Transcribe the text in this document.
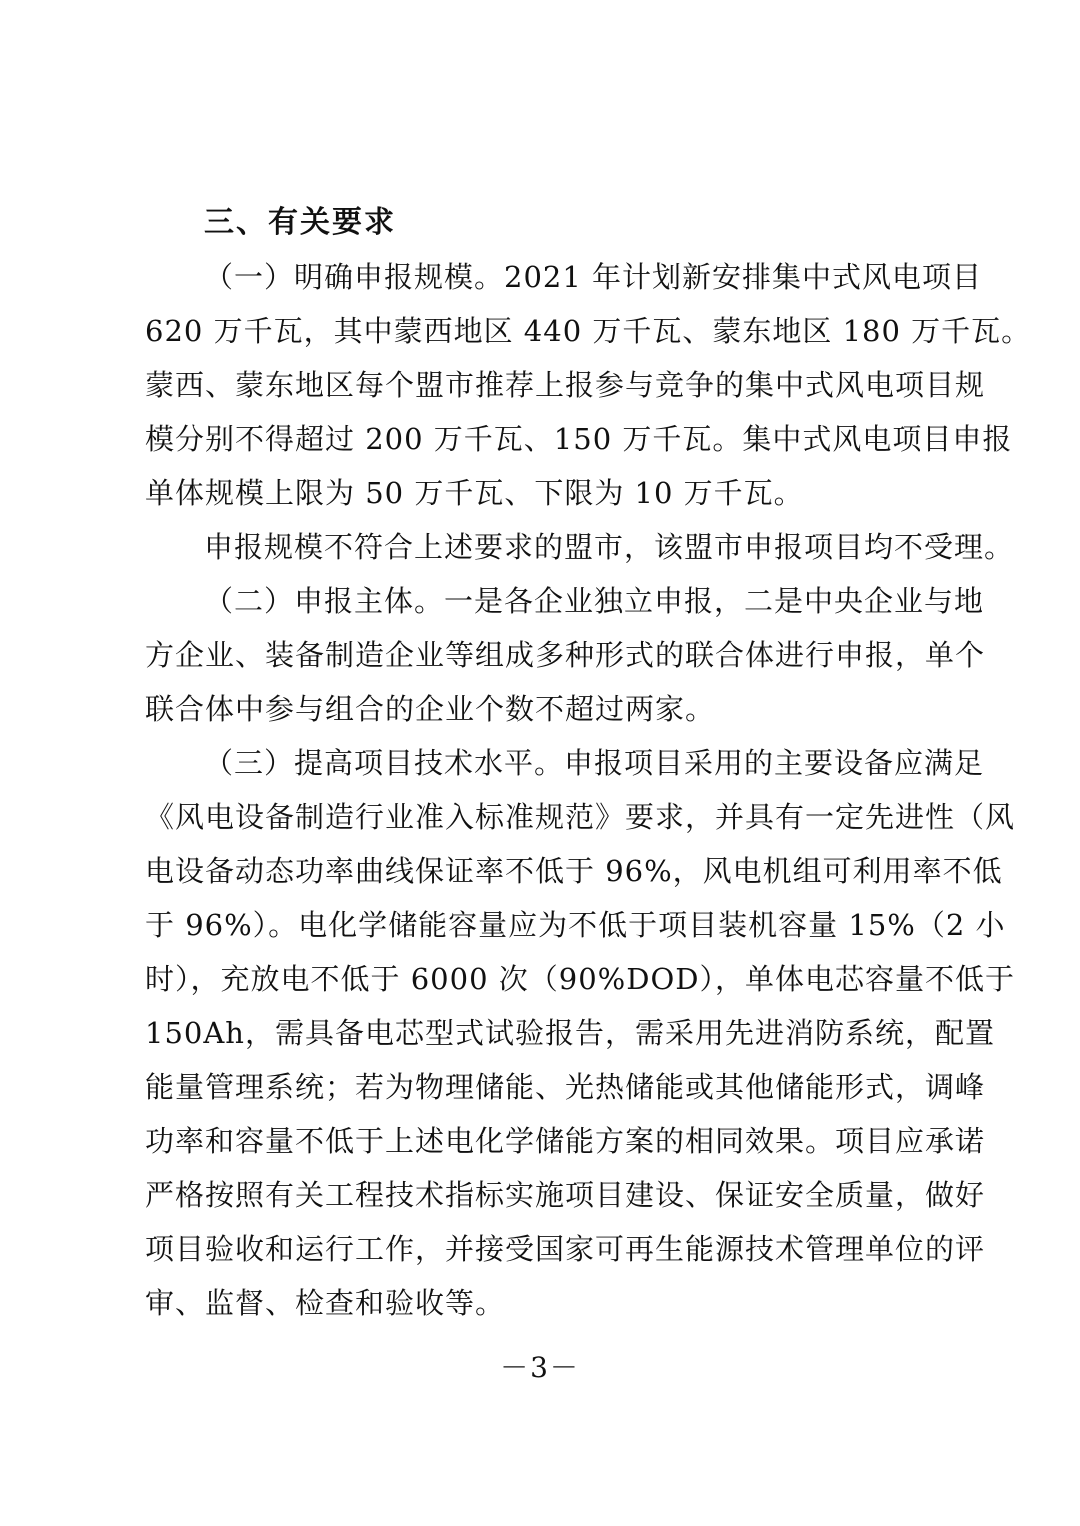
三、有关要求
（一）明确申报规模。2021 年计划新安排集中式风电项目
620 万千瓦，其中蒙西地区 440 万千瓦、蒙东地区 180 万千瓦。
蒙西、蒙东地区每个盟市推荐上报参与竞争的集中式风电项目规
模分别不得超过 200 万千瓦、150 万千瓦。集中式风电项目申报
单体规模上限为 50 万千瓦、下限为 10 万千瓦。
申报规模不符合上述要求的盟市，该盟市申报项目均不受理。
（二）申报主体。一是各企业独立申报，二是中央企业与地
方企业、装备制造企业等组成多种形式的联合体进行申报，单个
联合体中参与组合的企业个数不超过两家。
（三）提高项目技术水平。申报项目采用的主要设备应满足
《风电设备制造行业准入标准规范》要求，并具有一定先进性（风
电设备动态功率曲线保证率不低于 96%，风电机组可利用率不低
于 96%）。电化学储能容量应为不低于项目装机容量 15%（2 小
时），充放电不低于 6000 次（90%DOD），单体电芯容量不低于
150Ah，需具备电芯型式试验报告，需采用先进消防系统，配置
能量管理系统；若为物理储能、光热储能或其他储能形式，调峰
功率和容量不低于上述电化学储能方案的相同效果。项目应承诺
严格按照有关工程技术指标实施项目建设、保证安全质量，做好
项目验收和运行工作，并接受国家可再生能源技术管理单位的评
审、监督、检查和验收等。
－3－
